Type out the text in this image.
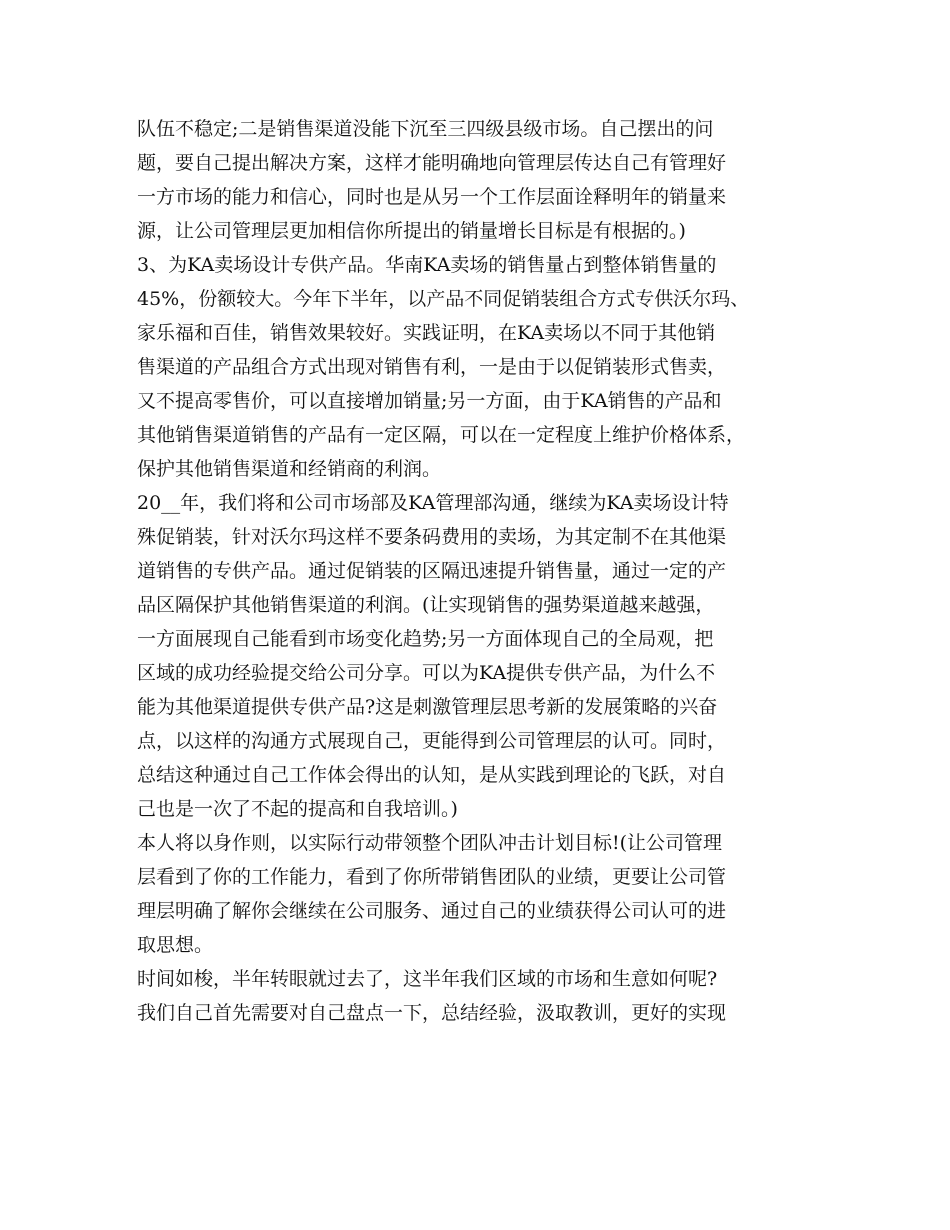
队伍不稳定;二是销售渠道没能下沉至三四级县级市场。自己摆出的问
题，要自己提出解决方案，这样才能明确地向管理层传达自己有管理好
一方市场的能力和信心，同时也是从另一个工作层面诠释明年的销量来
源，让公司管理层更加相信你所提出的销量增长目标是有根据的。)
3、为KA卖场设计专供产品。华南KA卖场的销售量占到整体销售量的
45%，份额较大。今年下半年，以产品不同促销装组合方式专供沃尔玛、
家乐福和百佳，销售效果较好。实践证明，在KA卖场以不同于其他销
售渠道的产品组合方式出现对销售有利，一是由于以促销装形式售卖，
又不提高零售价，可以直接增加销量;另一方面，由于KA销售的产品和
其他销售渠道销售的产品有一定区隔，可以在一定程度上维护价格体系，
保护其他销售渠道和经销商的利润。
20__年，我们将和公司市场部及KA管理部沟通，继续为KA卖场设计特
殊促销装，针对沃尔玛这样不要条码费用的卖场，为其定制不在其他渠
道销售的专供产品。通过促销装的区隔迅速提升销售量，通过一定的产
品区隔保护其他销售渠道的利润。(让实现销售的强势渠道越来越强，
一方面展现自己能看到市场变化趋势;另一方面体现自己的全局观，把
区域的成功经验提交给公司分享。可以为KA提供专供产品，为什么不
能为其他渠道提供专供产品?这是刺激管理层思考新的发展策略的兴奋
点，以这样的沟通方式展现自己，更能得到公司管理层的认可。同时，
总结这种通过自己工作体会得出的认知，是从实践到理论的飞跃，对自
己也是一次了不起的提高和自我培训。)
本人将以身作则，以实际行动带领整个团队冲击计划目标!(让公司管理
层看到了你的工作能力，看到了你所带销售团队的业绩，更要让公司管
理层明确了解你会继续在公司服务、通过自己的业绩获得公司认可的进
取思想。
时间如梭，半年转眼就过去了，这半年我们区域的市场和生意如何呢?
我们自己首先需要对自己盘点一下，总结经验，汲取教训，更好的实现
